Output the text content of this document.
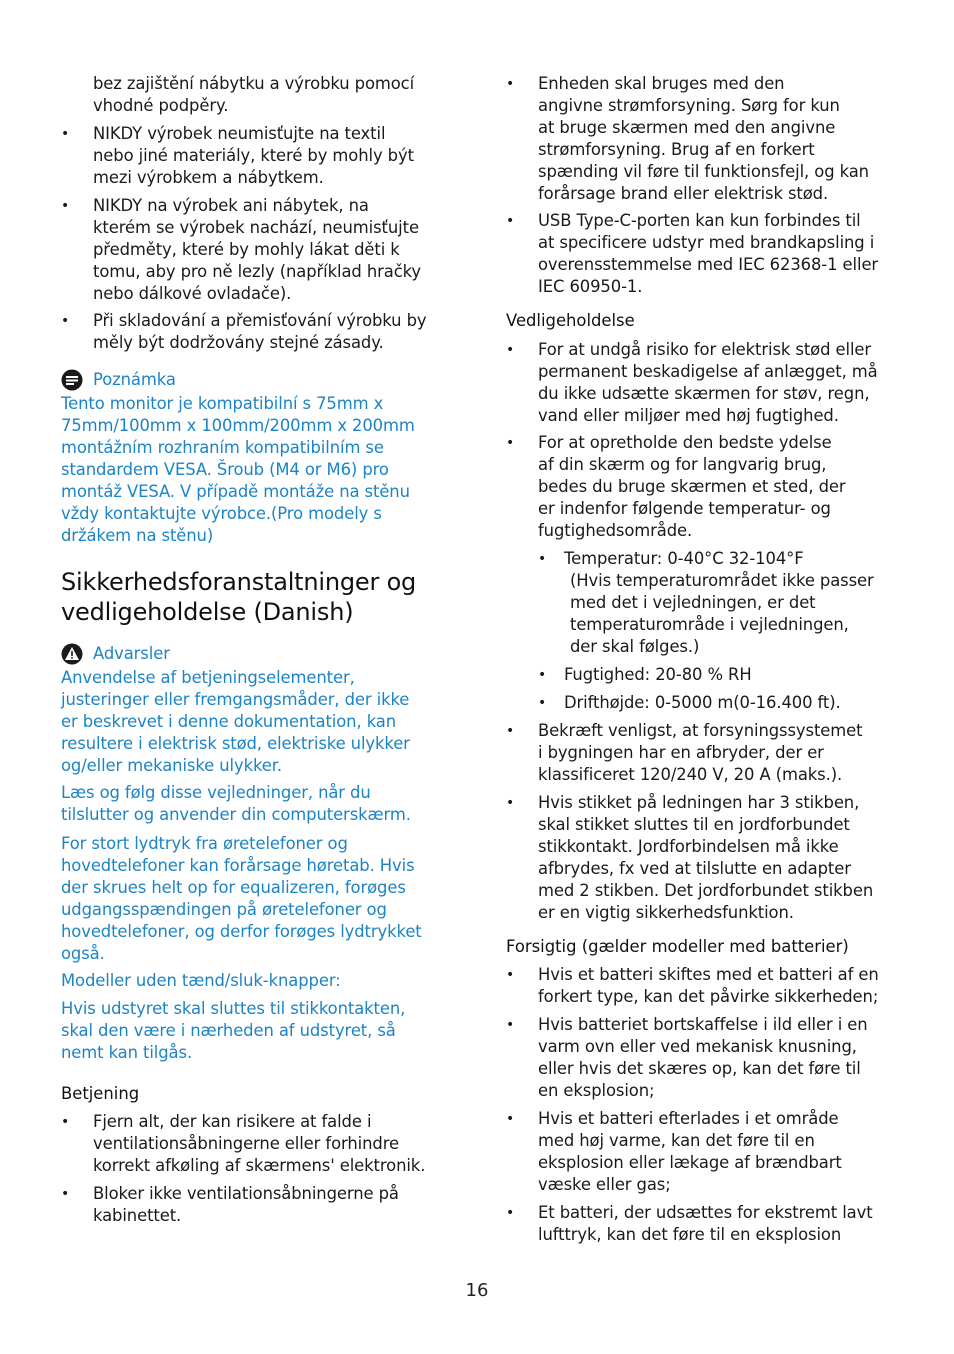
bez zajištění nábytku a výrobku pomocí
vhodné podpěry.
• NIKDY výrobek neumisťujte na textil
nebo jiné materiály, které by mohly být
mezi výrobkem a nábytkem.
• NIKDY na výrobek ani nábytek, na
kterém se výrobek nachází, neumisťujte
předměty, které by mohly lákat děti k
tomu, aby pro ně lezly (například hračky
nebo dálkové ovladače).
• Při skladování a přemisťování výrobku by
měly být dodržovány stejné zásady.
Poznámka
Tento monitor je kompatibilní s 75mm x
75mm/100mm x 100mm/200mm x 200mm
montážním rozhraním kompatibilním se
standardem VESA. Šroub (M4 or M6) pro
montáž VESA. V případě montáže na stěnu
vždy kontaktujte výrobce.(Pro modely s
držákem na stěnu)
Sikkerhedsforanstaltninger og
vedligeholdelse (Danish)
Advarsler
Anvendelse af betjeningselementer,
justeringer eller fremgangsmåder, der ikke
er beskrevet i denne dokumentation, kan
resultere i elektrisk stød, elektriske ulykker
og/eller mekaniske ulykker.
Læs og følg disse vejledninger, når du
tilslutter og anvender din computerskærm.
For stort lydtryk fra øretelefoner og
hovedtelefoner kan forårsage høretab. Hvis
der skrues helt op for equalizeren, forøges
udgangsspændingen på øretelefoner og
hovedtelefoner, og derfor forøges lydtrykket
også.
Modeller uden tænd/sluk-knapper:
Hvis udstyret skal sluttes til stikkontakten,
skal den være i nærheden af udstyret, så
nemt kan tilgås.
Betjening
• Fjern alt, der kan risikere at falde i
ventilationsåbningerne eller forhindre
korrekt afkøling af skærmens' elektronik.
• Bloker ikke ventilationsåbningerne på
kabinettet.
• Enheden skal bruges med den
angivne strømforsyning. Sørg for kun
at bruge skærmen med den angivne
strømforsyning. Brug af en forkert
spænding vil føre til funktionsfejl, og kan
forårsage brand eller elektrisk stød.
• USB Type-C-porten kan kun forbindes til
at specificere udstyr med brandkapsling i
overensstemmelse med IEC 62368-1 eller
IEC 60950-1.
Vedligeholdelse
• For at undgå risiko for elektrisk stød eller
permanent beskadigelse af anlægget, må
du ikke udsætte skærmen for støv, regn,
vand eller miljøer med høj fugtighed.
• For at opretholde den bedste ydelse
af din skærm og for langvarig brug,
bedes du bruge skærmen et sted, der
er indenfor følgende temperatur- og
fugtighedsområde.
• Temperatur: 0-40°C 32-104°F
(Hvis temperaturområdet ikke passer
med det i vejledningen, er det
temperaturområde i vejledningen,
der skal følges.)
• Fugtighed: 20-80 % RH
• Drifthøjde: 0-5000 m(0-16.400 ft).
• Bekræft venligst, at forsyningssystemet
i bygningen har en afbryder, der er
klassificeret 120/240 V, 20 A (maks.).
• Hvis stikket på ledningen har 3 stikben,
skal stikket sluttes til en jordforbundet
stikkontakt. Jordforbindelsen må ikke
afbrydes, fx ved at tilslutte en adapter
med 2 stikben. Det jordforbundet stikben
er en vigtig sikkerhedsfunktion.
Forsigtig (gælder modeller med batterier)
• Hvis et batteri skiftes med et batteri af en
forkert type, kan det påvirke sikkerheden;
• Hvis batteriet bortskaffelse i ild eller i en
varm ovn eller ved mekanisk knusning,
eller hvis det skæres op, kan det føre til
en eksplosion;
• Hvis et batteri efterlades i et område
med høj varme, kan det føre til en
eksplosion eller lækage af brændbart
væske eller gas;
• Et batteri, der udsættes for ekstremt lavt
lufttryk, kan det føre til en eksplosion
16
